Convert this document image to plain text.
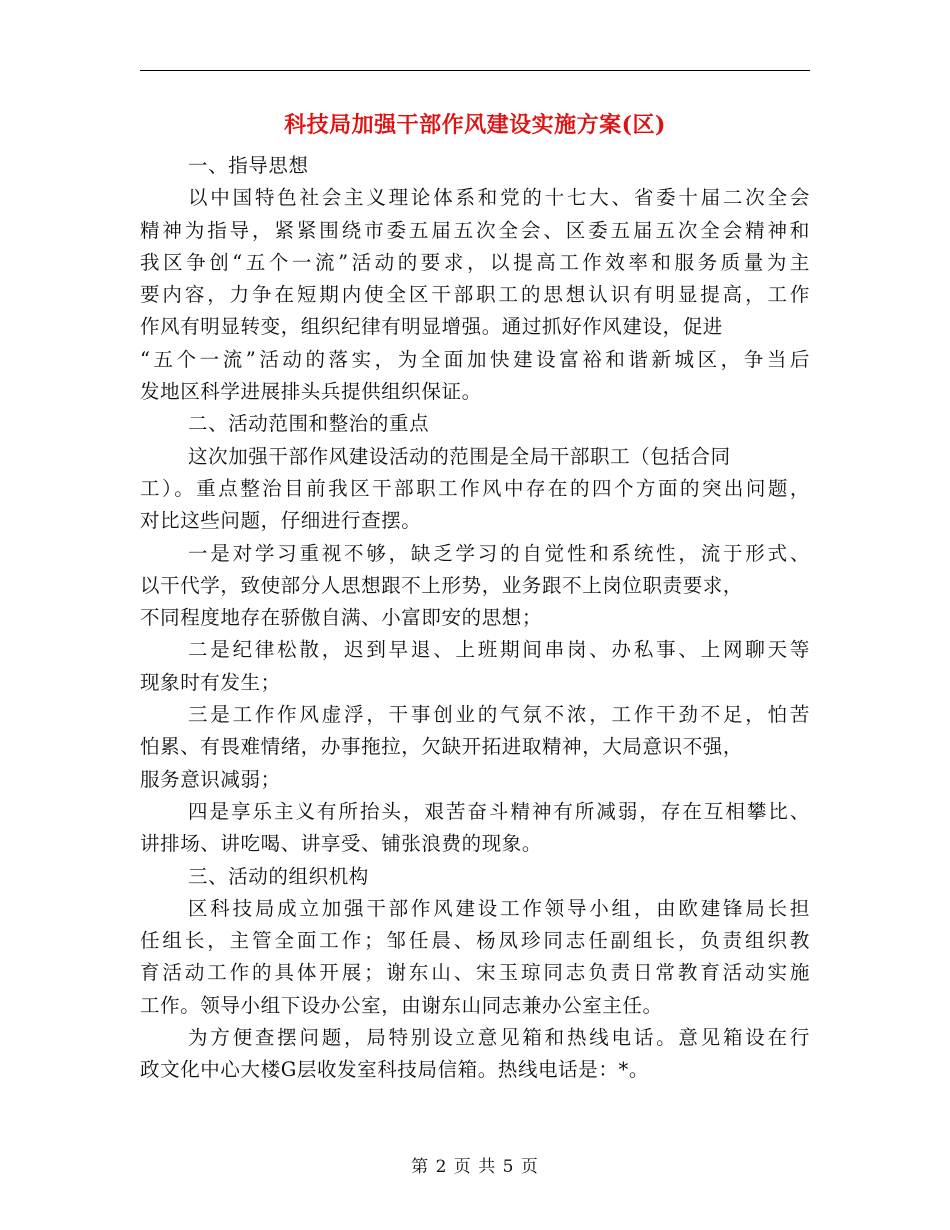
科技局加强干部作风建设实施方案(区)
一、指导思想
以中国特色社会主义理论体系和党的十七大、省委十届二次全会
精神为指导，紧紧围绕市委五届五次全会、区委五届五次全会精神和
我区争创“五个一流”活动的要求，以提高工作效率和服务质量为主
要内容，力争在短期内使全区干部职工的思想认识有明显提高，工作
作风有明显转变，组织纪律有明显增强。通过抓好作风建设，促进
“五个一流”活动的落实，为全面加快建设富裕和谐新城区，争当后
发地区科学进展排头兵提供组织保证。
二、活动范围和整治的重点
这次加强干部作风建设活动的范围是全局干部职工（包括合同
工）。重点整治目前我区干部职工作风中存在的四个方面的突出问题，
对比这些问题，仔细进行查摆。
一是对学习重视不够，缺乏学习的自觉性和系统性，流于形式、
以干代学，致使部分人思想跟不上形势，业务跟不上岗位职责要求，
不同程度地存在骄傲自满、小富即安的思想；
二是纪律松散，迟到早退、上班期间串岗、办私事、上网聊天等
现象时有发生；
三是工作作风虚浮，干事创业的气氛不浓，工作干劲不足，怕苦
怕累、有畏难情绪，办事拖拉，欠缺开拓进取精神，大局意识不强，
服务意识减弱；
四是享乐主义有所抬头，艰苦奋斗精神有所减弱，存在互相攀比、
讲排场、讲吃喝、讲享受、铺张浪费的现象。
三、活动的组织机构
区科技局成立加强干部作风建设工作领导小组，由欧建锋局长担
任组长，主管全面工作；邹任晨、杨凤珍同志任副组长，负责组织教
育活动工作的具体开展；谢东山、宋玉琼同志负责日常教育活动实施
工作。领导小组下设办公室，由谢东山同志兼办公室主任。
为方便查摆问题，局特别设立意见箱和热线电话。意见箱设在行
政文化中心大楼G层收发室科技局信箱。热线电话是：*。
第 2 页 共 5 页
